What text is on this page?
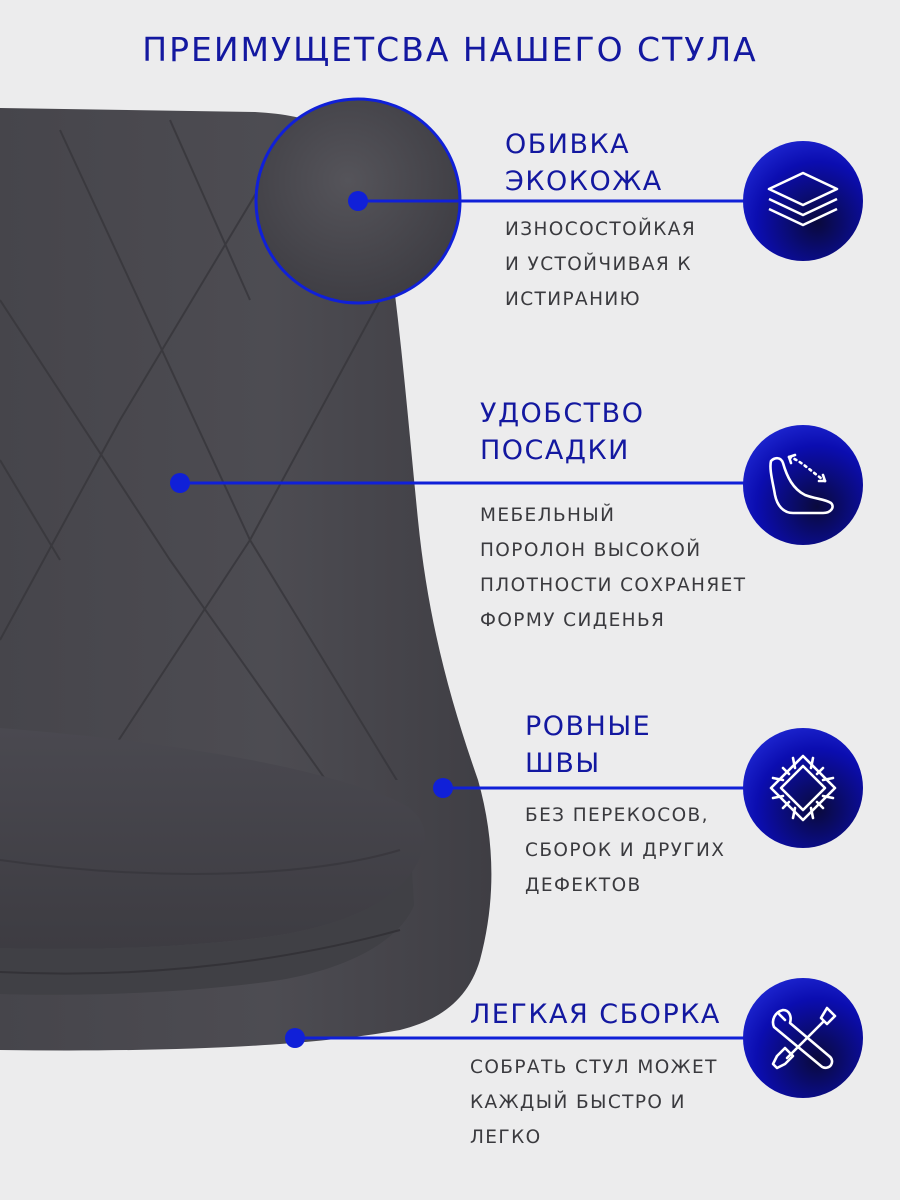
ПРЕИМУЩЕТСВА НАШЕГО СТУЛА
ОБИВКА
ЭКОКОЖА
ИЗНОСОСТОЙКАЯ
И УСТОЙЧИВАЯ К
ИСТИРАНИЮ
УДОБСТВО
ПОСАДКИ
МЕБЕЛЬНЫЙ
ПОРОЛОН ВЫСОКОЙ
ПЛОТНОСТИ СОХРАНЯЕТ
ФОРМУ СИДЕНЬЯ
РОВНЫЕ
ШВЫ
БЕЗ ПЕРЕКОСОВ,
СБОРОК И ДРУГИХ
ДЕФЕКТОВ
ЛЕГКАЯ СБОРКА
СОБРАТЬ СТУЛ МОЖЕТ
КАЖДЫЙ БЫСТРО И
ЛЕГКО
